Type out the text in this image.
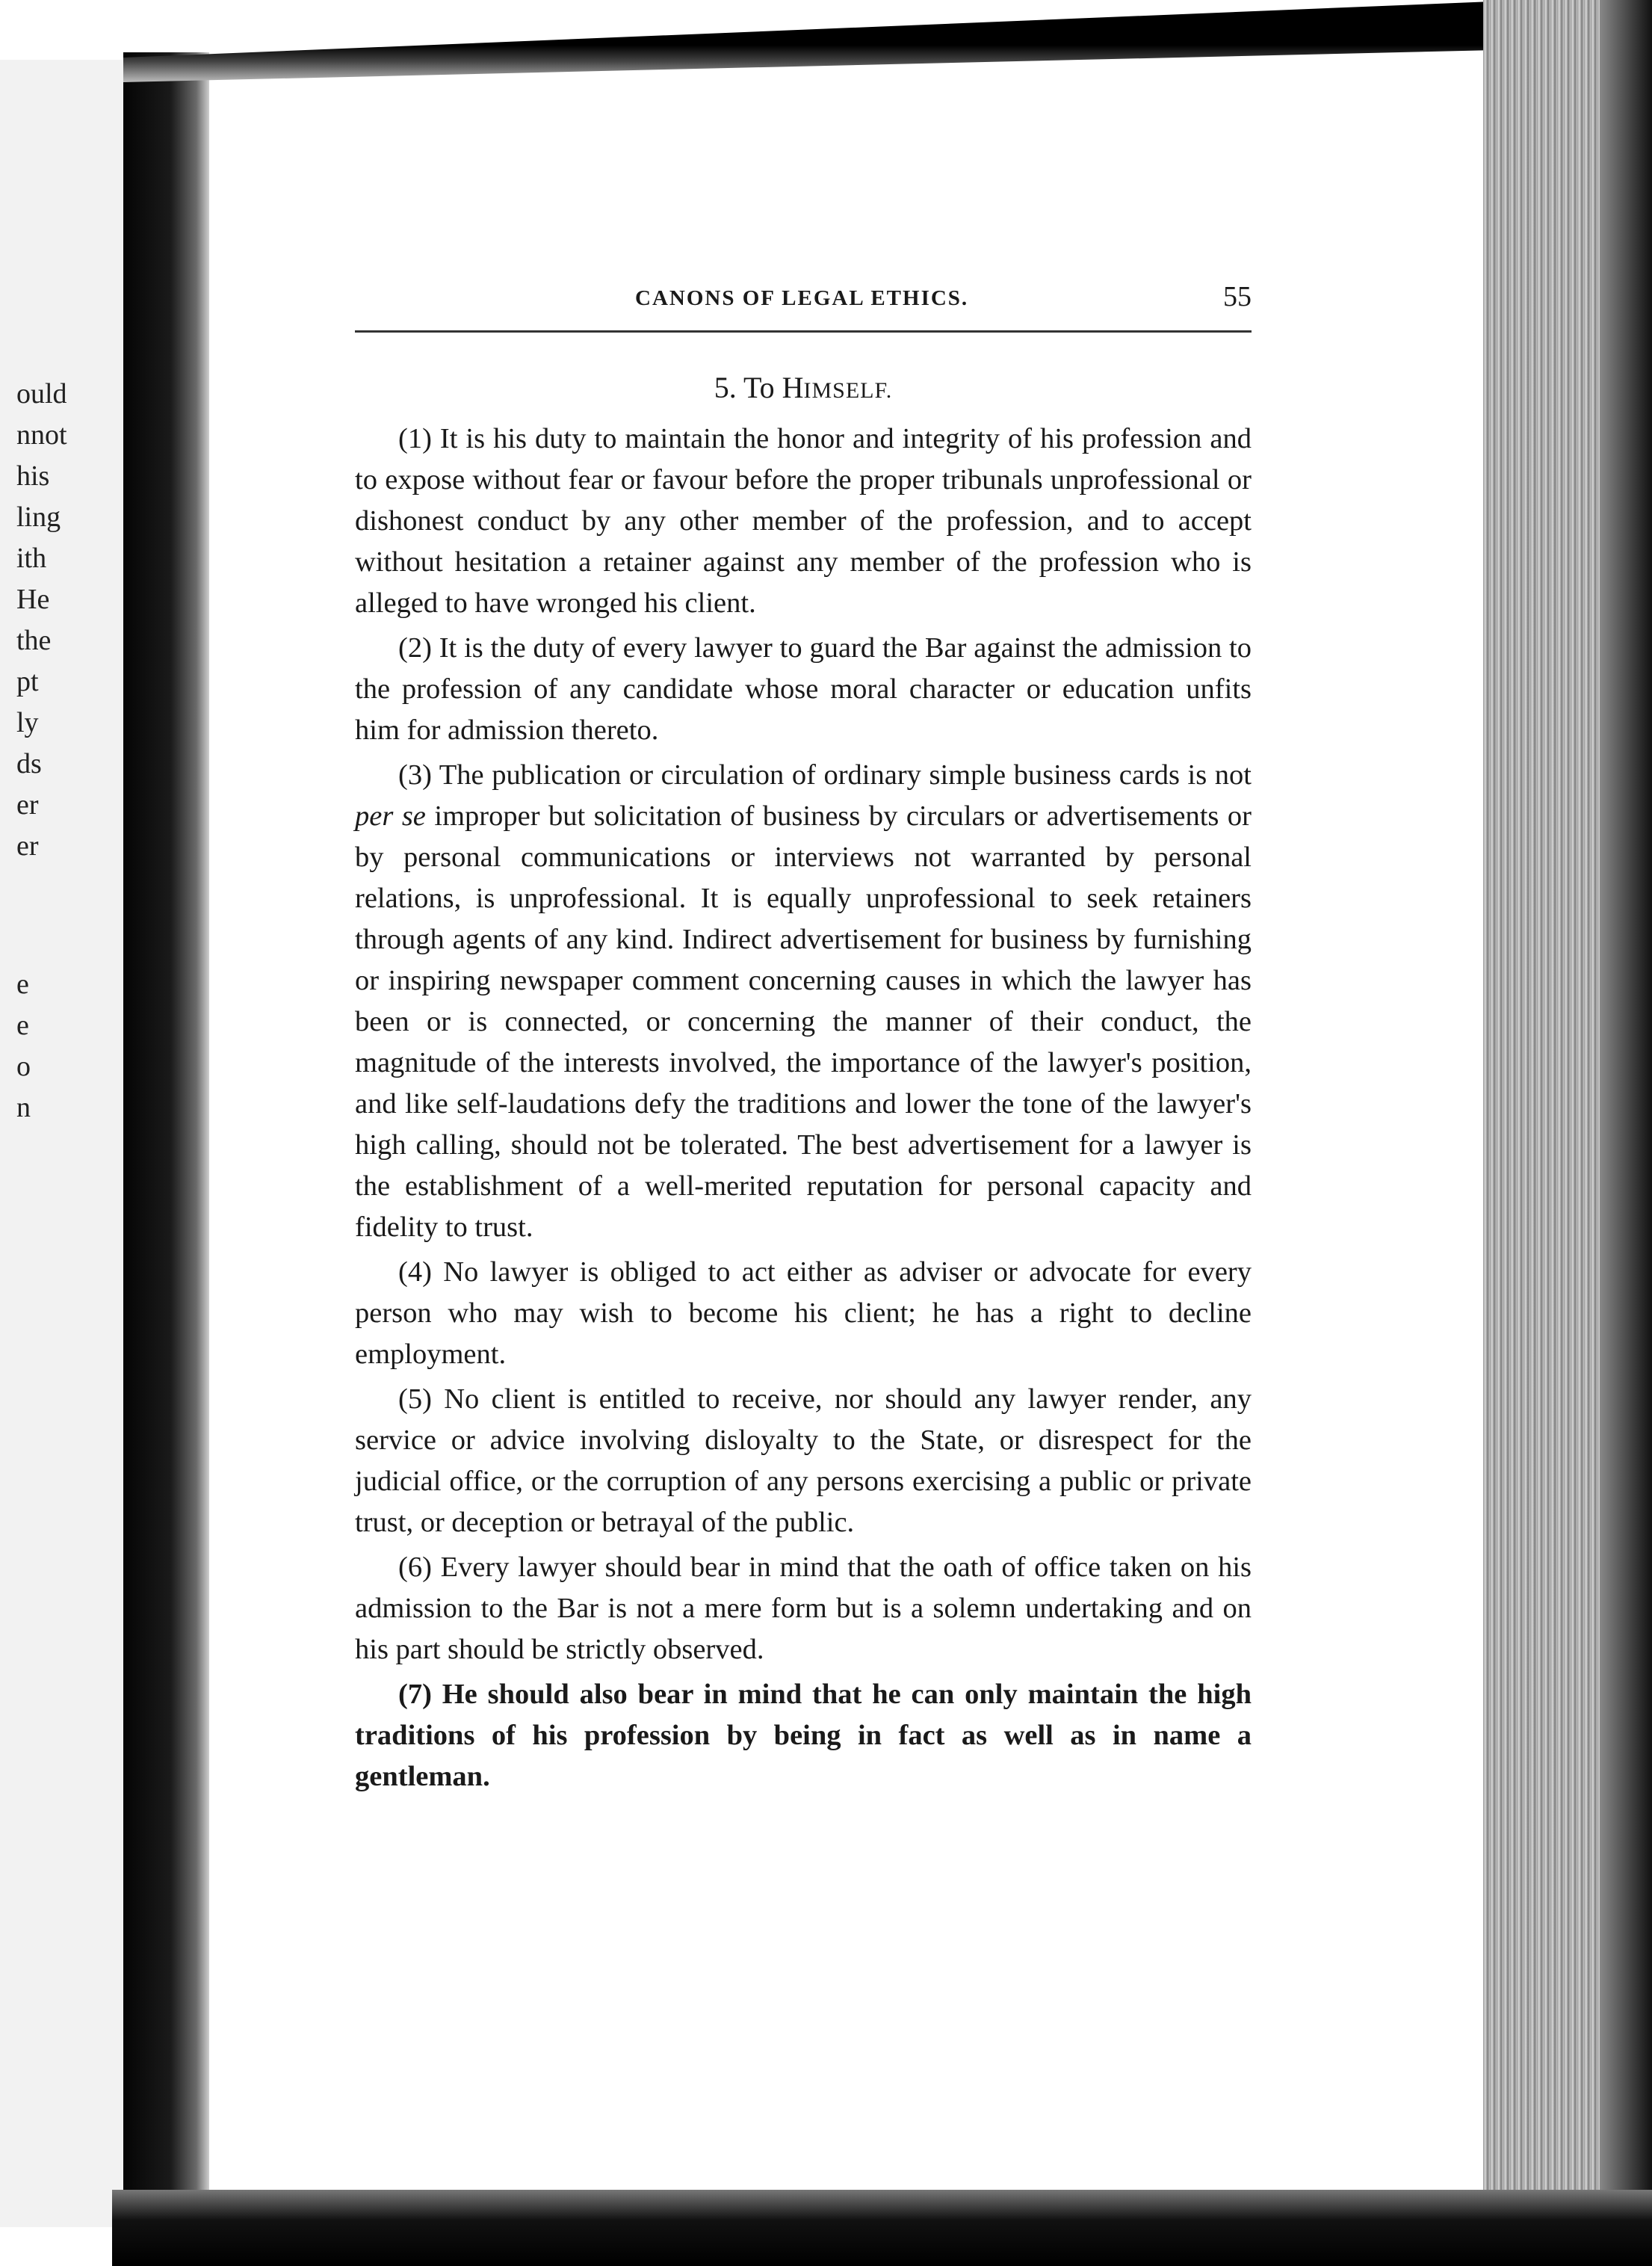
ould
nnot
his
ling
ith
He
the
pt
ly
ds
er
er
e
e
o
n
CANONS OF LEGAL ETHICS.	55
5. To HIMSELF.

(1) It is his duty to maintain the honor and integrity of his profession and to expose without fear or favour before the proper tribunals unprofessional or dishonest conduct by any other member of the profession, and to accept without hesitation a retainer against any member of the profession who is alleged to have wronged his client.

(2) It is the duty of every lawyer to guard the Bar against the admission to the profession of any candidate whose moral character or education unfits him for admission thereto.

(3) The publication or circulation of ordinary simple business cards is not per se improper but solicitation of business by circulars or advertisements or by personal communications or interviews not warranted by personal relations, is unprofessional. It is equally unprofessional to seek retainers through agents of any kind. Indirect advertisement for business by furnishing or inspiring newspaper comment concerning causes in which the lawyer has been or is connected, or concerning the manner of their conduct, the magnitude of the interests involved, the importance of the lawyer's position, and like self-laudations defy the traditions and lower the tone of the lawyer's high calling, should not be tolerated. The best advertisement for a lawyer is the establishment of a well-merited reputation for personal capacity and fidelity to trust.

(4) No lawyer is obliged to act either as adviser or advocate for every person who may wish to become his client; he has a right to decline employment.

(5) No client is entitled to receive, nor should any lawyer render, any service or advice involving disloyalty to the State, or disrespect for the judicial office, or the corruption of any persons exercising a public or private trust, or deception or betrayal of the public.

(6) Every lawyer should bear in mind that the oath of office taken on his admission to the Bar is not a mere form but is a solemn undertaking and on his part should be strictly observed.

(7) He should also bear in mind that he can only maintain the high traditions of his profession by being in fact as well as in name a gentleman.
